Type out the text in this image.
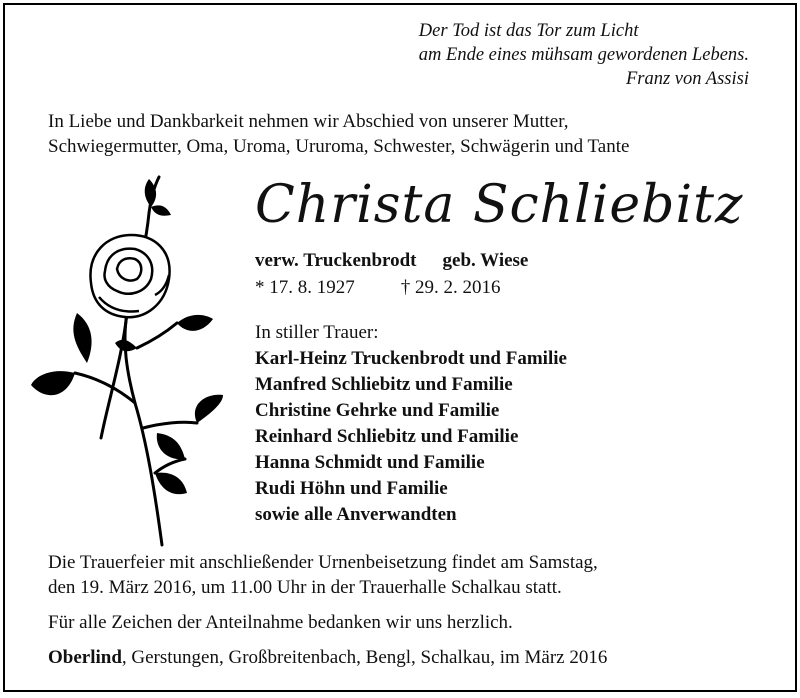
Der Tod ist das Tor zum Licht
am Ende eines mühsam gewordenen Lebens.
Franz von Assisi
In Liebe und Dankbarkeit nehmen wir Abschied von unserer Mutter,
Schwiegermutter, Oma, Uroma, Ururoma, Schwester, Schwägerin und Tante
Christa Schliebitz
verw. Truckenbrodt geb. Wiese
* 17. 8. 1927 † 29. 2. 2016
In stiller Trauer:
Karl-Heinz Truckenbrodt und Familie
Manfred Schliebitz und Familie
Christine Gehrke und Familie
Reinhard Schliebitz und Familie
Hanna Schmidt und Familie
Rudi Höhn und Familie
sowie alle Anverwandten

Die Trauerfeier mit anschließender Urnenbeisetzung findet am Samstag,

den 19. März 2016, um 11.00 Uhr in der Trauerhalle Schalkau statt.

Für alle Zeichen der Anteilnahme bedanken wir uns herzlich.

Oberlind, Gerstungen, Großbreitenbach, Bengl, Schalkau, im März 2016
